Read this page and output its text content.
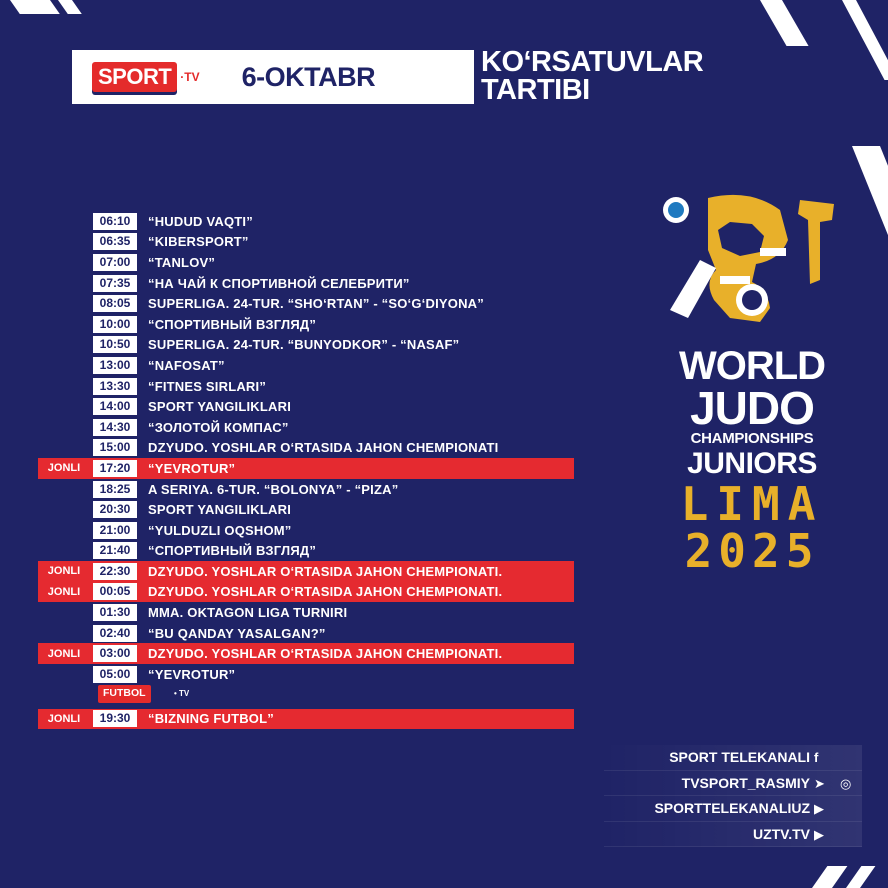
SPORT ·TV 6-OKTABR	KO‘RSATUVLAR
TARTIBI
06:10	“HUDUD VAQTI”
06:35	“KIBERSPORT”
07:00	“TANLOV”
07:35	“НА ЧАЙ К СПОРТИВНОЙ СЕЛЕБРИТИ”
08:05	SUPERLIGA. 24-TUR. “SHO‘RTAN” - “SO‘G‘DIYONA”
10:00	“СПОРТИВНЫЙ ВЗГЛЯД”
10:50	SUPERLIGA. 24-TUR. “BUNYODKOR” - “NASAF”
13:00	“NAFOSAT”
13:30	“FITNES SIRLARI”
14:00	SPORT YANGILIKLARI
14:30	“ЗОЛОТОЙ КОМПАС”
15:00	DZYUDO. YOSHLAR O‘RTASIDA JAHON CHEMPIONATI
JONLI	17:20	“YEVROTUR”
18:25	A SERIYA. 6-TUR. “BOLONYA” - “PIZA”
20:30	SPORT YANGILIKLARI
21:00	“YULDUZLI OQSHOM”
21:40	“СПОРТИВНЫЙ ВЗГЛЯД”
JONLI	22:30	DZYUDO. YOSHLAR O‘RTASIDA JAHON CHEMPIONATI.
JONLI	00:05	DZYUDO. YOSHLAR O‘RTASIDA JAHON CHEMPIONATI.
01:30	MMA. OKTAGON LIGA TURNIRI
02:40	“BU QANDAY YASALGAN?”
JONLI	03:00	DZYUDO. YOSHLAR O‘RTASIDA JAHON CHEMPIONATI.
05:00	“YEVROTUR”
FUTBOL	• TV
JONLI	19:30	“BIZNING FUTBOL”
WORLD
JUDO
CHAMPIONSHIPS
JUNIORS
LIMA
2025
SPORT TELEKANALI f
TVSPORT_RASMIY ➤ ◎
SPORTTELEKANALIUZ ▶
UZTV.TV ▶
